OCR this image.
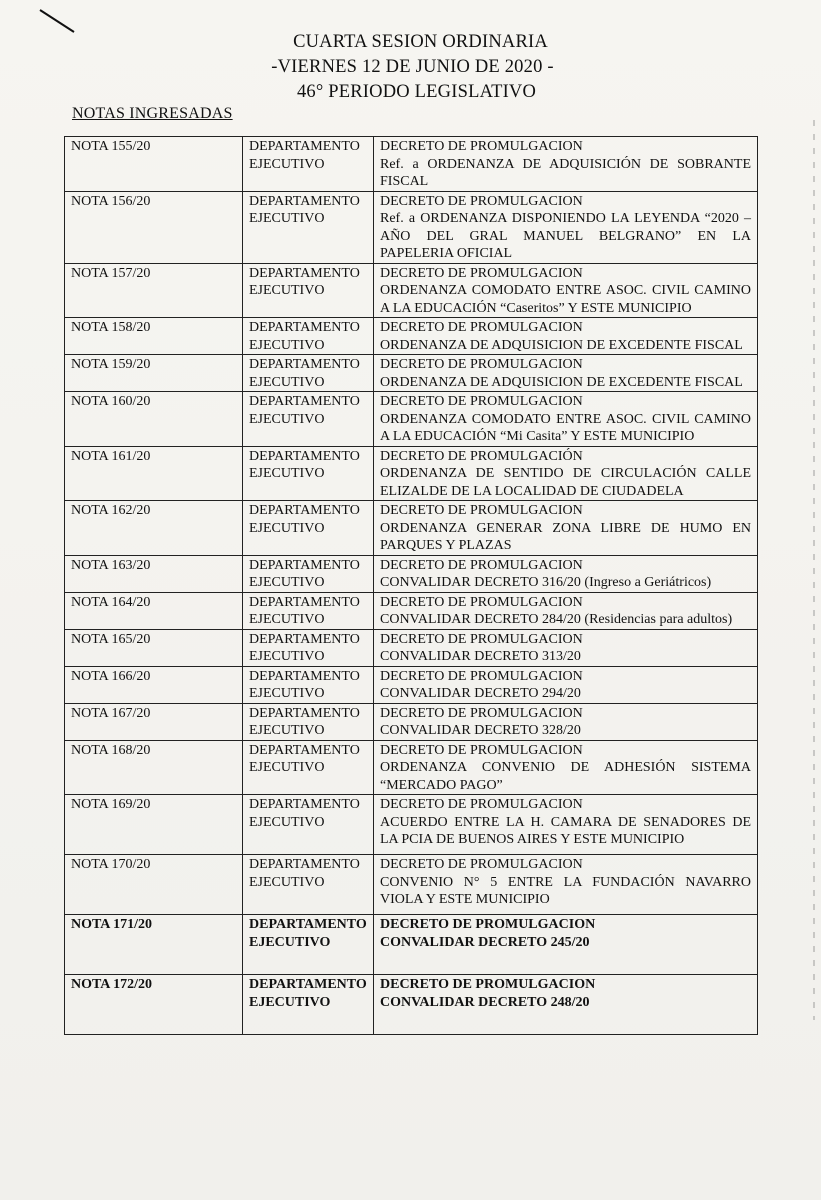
CUARTA SESION ORDINARIA
-VIERNES 12 DE JUNIO DE 2020 -
46° PERIODO LEGISLATIVO
NOTAS INGRESADAS
NOTA 155/20	DEPARTAMENTO
EJECUTIVO	DECRETO DE PROMULGACION
Ref. a ORDENANZA DE ADQUISICIÓN DE SOBRANTE FISCAL

NOTA 156/20	DEPARTAMENTO
EJECUTIVO	DECRETO DE PROMULGACION
Ref. a ORDENANZA DISPONIENDO LA LEYENDA “2020 – AÑO DEL GRAL MANUEL BELGRANO” EN LA PAPELERIA OFICIAL

NOTA 157/20	DEPARTAMENTO
EJECUTIVO	DECRETO DE PROMULGACION
ORDENANZA COMODATO ENTRE ASOC. CIVIL CAMINO A LA EDUCACIÓN “Caseritos” Y ESTE MUNICIPIO

NOTA 158/20	DEPARTAMENTO
EJECUTIVO	DECRETO DE PROMULGACION
ORDENANZA DE ADQUISICION DE EXCEDENTE FISCAL

NOTA 159/20	DEPARTAMENTO
EJECUTIVO	DECRETO DE PROMULGACION
ORDENANZA DE ADQUISICION DE EXCEDENTE FISCAL

NOTA 160/20	DEPARTAMENTO
EJECUTIVO	DECRETO DE PROMULGACION
ORDENANZA COMODATO ENTRE ASOC. CIVIL CAMINO A LA EDUCACIÓN “Mi Casita” Y ESTE MUNICIPIO

NOTA 161/20	DEPARTAMENTO
EJECUTIVO	DECRETO DE PROMULGACIÓN
ORDENANZA DE SENTIDO DE CIRCULACIÓN CALLE ELIZALDE DE LA LOCALIDAD DE CIUDADELA

NOTA 162/20	DEPARTAMENTO
EJECUTIVO	DECRETO DE PROMULGACION
ORDENANZA GENERAR ZONA LIBRE DE HUMO EN PARQUES Y PLAZAS

NOTA 163/20	DEPARTAMENTO
EJECUTIVO	DECRETO DE PROMULGACION
CONVALIDAR DECRETO 316/20 (Ingreso a Geriátricos)

NOTA 164/20	DEPARTAMENTO
EJECUTIVO	DECRETO DE PROMULGACION
CONVALIDAR DECRETO 284/20 (Residencias para adultos)

NOTA 165/20	DEPARTAMENTO
EJECUTIVO	DECRETO DE PROMULGACION
CONVALIDAR DECRETO 313/20

NOTA 166/20	DEPARTAMENTO
EJECUTIVO	DECRETO DE PROMULGACION
CONVALIDAR DECRETO 294/20

NOTA 167/20	DEPARTAMENTO
EJECUTIVO	DECRETO DE PROMULGACION
CONVALIDAR DECRETO 328/20

NOTA 168/20	DEPARTAMENTO
EJECUTIVO	DECRETO DE PROMULGACION
ORDENANZA CONVENIO DE ADHESIÓN SISTEMA “MERCADO PAGO”

NOTA 169/20	DEPARTAMENTO
EJECUTIVO	DECRETO DE PROMULGACION
ACUERDO ENTRE LA H. CAMARA DE SENADORES DE LA PCIA DE BUENOS AIRES Y ESTE MUNICIPIO

NOTA 170/20	DEPARTAMENTO
EJECUTIVO	DECRETO DE PROMULGACION
CONVENIO N° 5 ENTRE LA FUNDACIÓN NAVARRO VIOLA Y ESTE MUNICIPIO

NOTA 171/20	DEPARTAMENTO
EJECUTIVO	DECRETO DE PROMULGACION
CONVALIDAR DECRETO 245/20

NOTA 172/20	DEPARTAMENTO
EJECUTIVO	DECRETO DE PROMULGACION
CONVALIDAR DECRETO 248/20
